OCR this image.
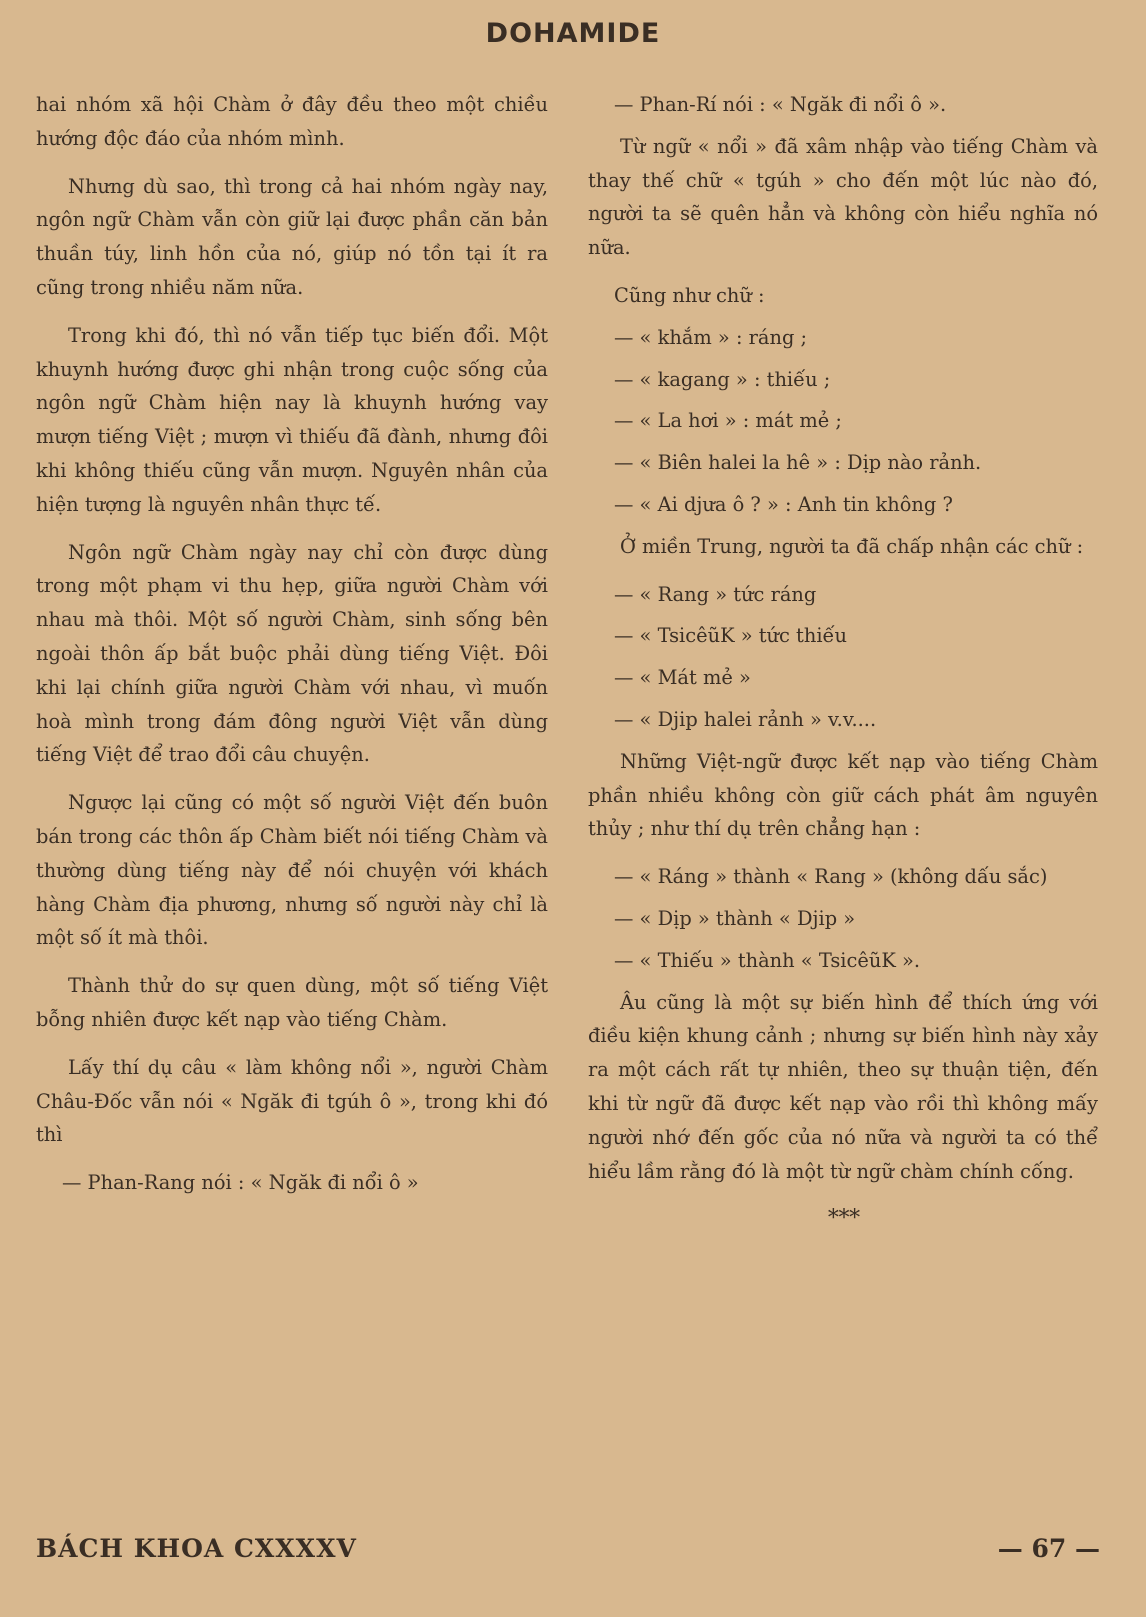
DOHAMIDE

hai nhóm xã hội Chàm ở đây đều theo một chiều hướng độc đáo của nhóm mình.

Nhưng dù sao, thì trong cả hai nhóm ngày nay, ngôn ngữ Chàm vẫn còn giữ lại được phần căn bản thuần túy, linh hồn của nó, giúp nó tồn tại ít ra cũng trong nhiều năm nữa.

Trong khi đó, thì nó vẫn tiếp tục biến đổi. Một khuynh hướng được ghi nhận trong cuộc sống của ngôn ngữ Chàm hiện nay là khuynh hướng vay mượn tiếng Việt ; mượn vì thiếu đã đành, nhưng đôi khi không thiếu cũng vẫn mượn. Nguyên nhân của hiện tượng là nguyên nhân thực tế.

Ngôn ngữ Chàm ngày nay chỉ còn được dùng trong một phạm vi thu hẹp, giữa người Chàm với nhau mà thôi. Một số người Chàm, sinh sống bên ngoài thôn ấp bắt buộc phải dùng tiếng Việt. Đôi khi lại chính giữa người Chàm với nhau, vì muốn hoà mình trong đám đông người Việt vẫn dùng tiếng Việt để trao đổi câu chuyện.

Ngược lại cũng có một số người Việt đến buôn bán trong các thôn ấp Chàm biết nói tiếng Chàm và thường dùng tiếng này để nói chuyện với khách hàng Chàm địa phương, nhưng số người này chỉ là một số ít mà thôi.

Thành thử do sự quen dùng, một số tiếng Việt bỗng nhiên được kết nạp vào tiếng Chàm.

Lấy thí dụ câu « làm không nổi », người Chàm Châu-Đốc vẫn nói « Ngăk đi tgúh ô », trong khi đó thì

— Phan-Rang nói : « Ngăk đi nổi ô »

— Phan-Rí nói : « Ngăk đi nổi ô ».

Từ ngữ « nổi » đã xâm nhập vào tiếng Chàm và thay thế chữ « tgúh » cho đến một lúc nào đó, người ta sẽ quên hẳn và không còn hiểu nghĩa nó nữa.

Cũng như chữ :

— « khắm » : ráng ;

— « kagang » : thiếu ;

— « La hơi » : mát mẻ ;

— « Biên halei la hê » : Dịp nào rảnh.

— « Ai djưa ô ? » : Anh tin không ?

Ở miền Trung, người ta đã chấp nhận các chữ :

— « Rang » tức ráng

— « TsicêũK » tức thiếu

— « Mát mẻ »

— « Djip halei rảnh » v.v....

Những Việt-ngữ được kết nạp vào tiếng Chàm phần nhiều không còn giữ cách phát âm nguyên thủy ; như thí dụ trên chẳng hạn :

— « Ráng » thành « Rang » (không dấu sắc)

— « Dịp » thành « Djip »

— « Thiếu » thành « TsicêũK ».

Âu cũng là một sự biến hình để thích ứng với điều kiện khung cảnh ; nhưng sự biến hình này xảy ra một cách rất tự nhiên, theo sự thuận tiện, đến khi từ ngữ đã được kết nạp vào rồi thì không mấy người nhớ đến gốc của nó nữa và người ta có thể hiểu lầm rằng đó là một từ ngữ chàm chính cống.

* * *
BÁCH KHOA CXXXXV	— 67 —
